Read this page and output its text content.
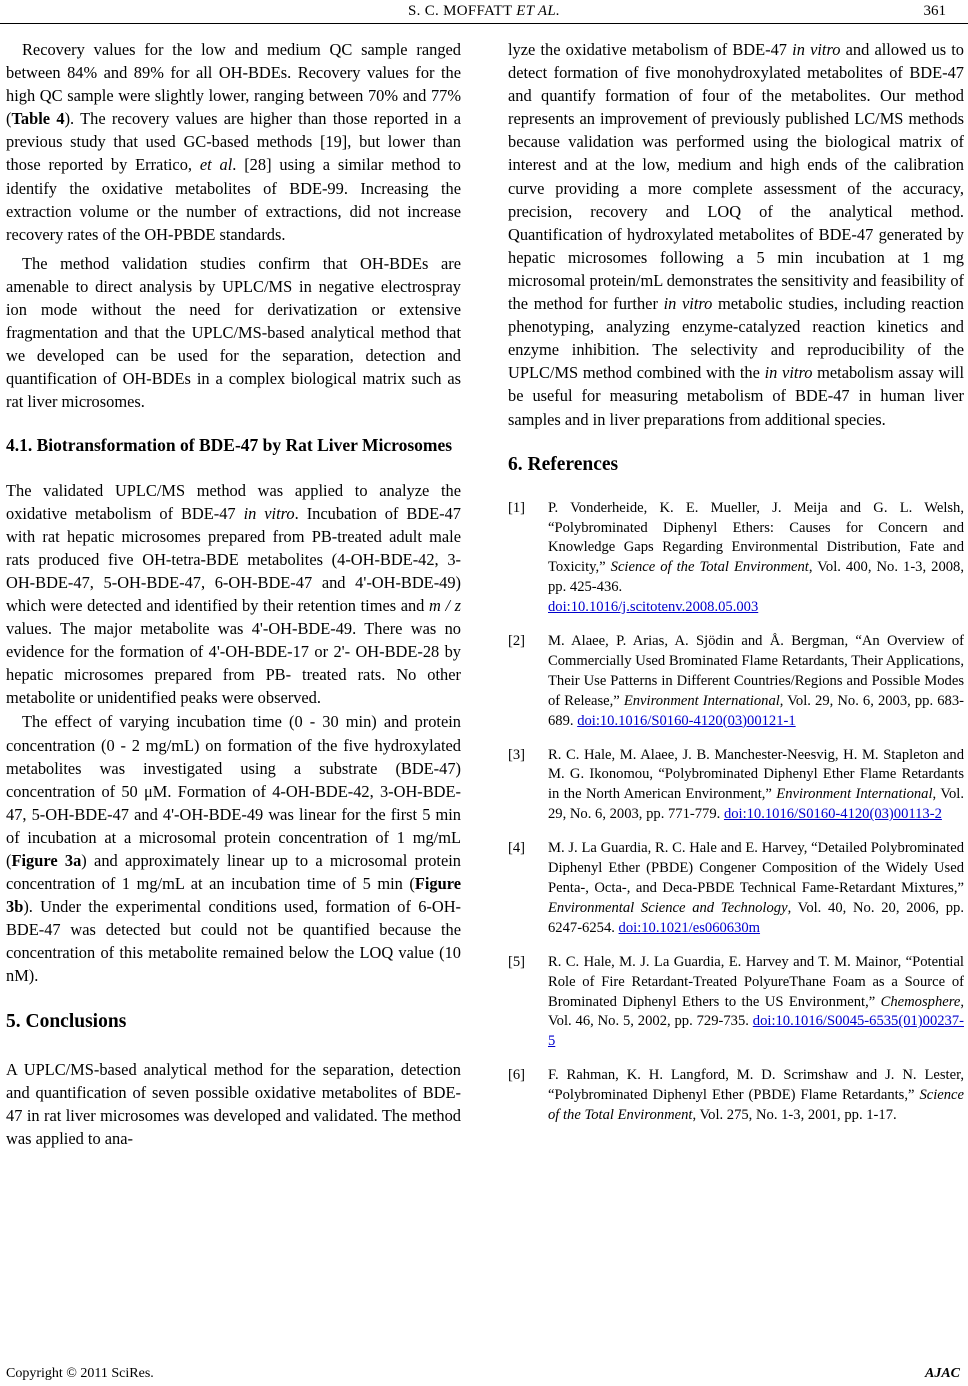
S. C. MOFFATT ET AL.	361

Recovery values for the low and medium QC sample ranged between 84% and 89% for all OH-BDEs. Recovery values for the high QC sample were slightly lower, ranging between 70% and 77% (Table 4). The recovery values are higher than those reported in a previous study that used GC-based methods [19], but lower than those reported by Erratico, et al. [28] using a similar method to identify the oxidative metabolites of BDE-99. Increasing the extraction volume or the number of extractions, did not increase recovery rates of the OH-PBDE standards.

The method validation studies confirm that OH-BDEs are amenable to direct analysis by UPLC/MS in negative electrospray ion mode without the need for derivatization or extensive fragmentation and that the UPLC/MS-based analytical method that we developed can be used for the separation, detection and quantification of OH-BDEs in a complex biological matrix such as rat liver microsomes.

4.1. Biotransformation of BDE-47 by Rat Liver Microsomes

The validated UPLC/MS method was applied to analyze the oxidative metabolism of BDE-47 in vitro. Incubation of BDE-47 with rat hepatic microsomes prepared from PB-treated adult male rats produced five OH-tetra-BDE metabolites (4-OH-BDE-42, 3-OH-BDE-47, 5-OH-BDE-47, 6-OH-BDE-47 and 4'-OH-BDE-49) which were detected and identified by their retention times and m / z values. The major metabolite was 4'-OH-BDE-49. There was no evidence for the formation of 4'-OH-BDE-17 or 2'- OH-BDE-28 by hepatic microsomes prepared from PB- treated rats. No other metabolite or unidentified peaks were observed.

The effect of varying incubation time (0 - 30 min) and protein concentration (0 - 2 mg/mL) on formation of the five hydroxylated metabolites was investigated using a substrate (BDE-47) concentration of 50 μM. Formation of 4-OH-BDE-42, 3-OH-BDE-47, 5-OH-BDE-47 and 4'-OH-BDE-49 was linear for the first 5 min of incubation at a microsomal protein concentration of 1 mg/mL (Figure 3a) and approximately linear up to a microsomal protein concentration of 1 mg/mL at an incubation time of 5 min (Figure 3b). Under the experimental conditions used, formation of 6-OH-BDE-47 was detected but could not be quantified because the concentration of this metabolite remained below the LOQ value (10 nM).

5. Conclusions

A UPLC/MS-based analytical method for the separation, detection and quantification of seven possible oxidative metabolites of BDE-47 in rat liver microsomes was developed and validated. The method was applied to ana-

lyze the oxidative metabolism of BDE-47 in vitro and allowed us to detect formation of five monohydroxylated metabolites of BDE-47 and quantify formation of four of the metabolites. Our method represents an improvement of previously published LC/MS methods because validation was performed using the biological matrix of interest and at the low, medium and high ends of the calibration curve providing a more complete assessment of the accuracy, precision, recovery and LOQ of the analytical method. Quantification of hydroxylated metabolites of BDE-47 generated by hepatic microsomes following a 5 min incubation at 1 mg microsomal protein/mL demonstrates the sensitivity and feasibility of the method for further in vitro metabolic studies, including reaction phenotyping, analyzing enzyme-catalyzed reaction kinetics and enzyme inhibition. The selectivity and reproducibility of the UPLC/MS method combined with the in vitro metabolism assay will be useful for measuring metabolism of BDE-47 in human liver samples and in liver preparations from additional species.

6. References
[1] P. Vonderheide, K. E. Mueller, J. Meija and G. L. Welsh, “Polybrominated Diphenyl Ethers: Causes for Concern and Knowledge Gaps Regarding Environmental Distribution, Fate and Toxicity,” Science of the Total Environment, Vol. 400, No. 1-3, 2008, pp. 425-436.
doi:10.1016/j.scitotenv.2008.05.003
[2] M. Alaee, P. Arias, A. Sjödin and Å. Bergman, “An Overview of Commercially Used Brominated Flame Retardants, Their Applications, Their Use Patterns in Different Countries/Regions and Possible Modes of Release,” Environment International, Vol. 29, No. 6, 2003, pp. 683-689. doi:10.1016/S0160-4120(03)00121-1
[3] R. C. Hale, M. Alaee, J. B. Manchester-Neesvig, H. M. Stapleton and M. G. Ikonomou, “Polybrominated Diphenyl Ether Flame Retardants in the North American Environment,” Environment International, Vol. 29, No. 6, 2003, pp. 771-779. doi:10.1016/S0160-4120(03)00113-2
[4] M. J. La Guardia, R. C. Hale and E. Harvey, “Detailed Polybrominated Diphenyl Ether (PBDE) Congener Composition of the Widely Used Penta-, Octa-, and Deca-PBDE Technical Fame-Retardant Mixtures,” Environmental Science and Technology, Vol. 40, No. 20, 2006, pp. 6247-6254. doi:10.1021/es060630m
[5] R. C. Hale, M. J. La Guardia, E. Harvey and T. M. Mainor, “Potential Role of Fire Retardant-Treated PolyureThane Foam as a Source of Brominated Diphenyl Ethers to the US Environment,” Chemosphere, Vol. 46, No. 5, 2002, pp. 729-735. doi:10.1016/S0045-6535(01)00237-5
[6] F. Rahman, K. H. Langford, M. D. Scrimshaw and J. N. Lester, “Polybrominated Diphenyl Ether (PBDE) Flame Retardants,” Science of the Total Environment, Vol. 275, No. 1-3, 2001, pp. 1-17.
Copyright © 2011 SciRes.	AJAC
